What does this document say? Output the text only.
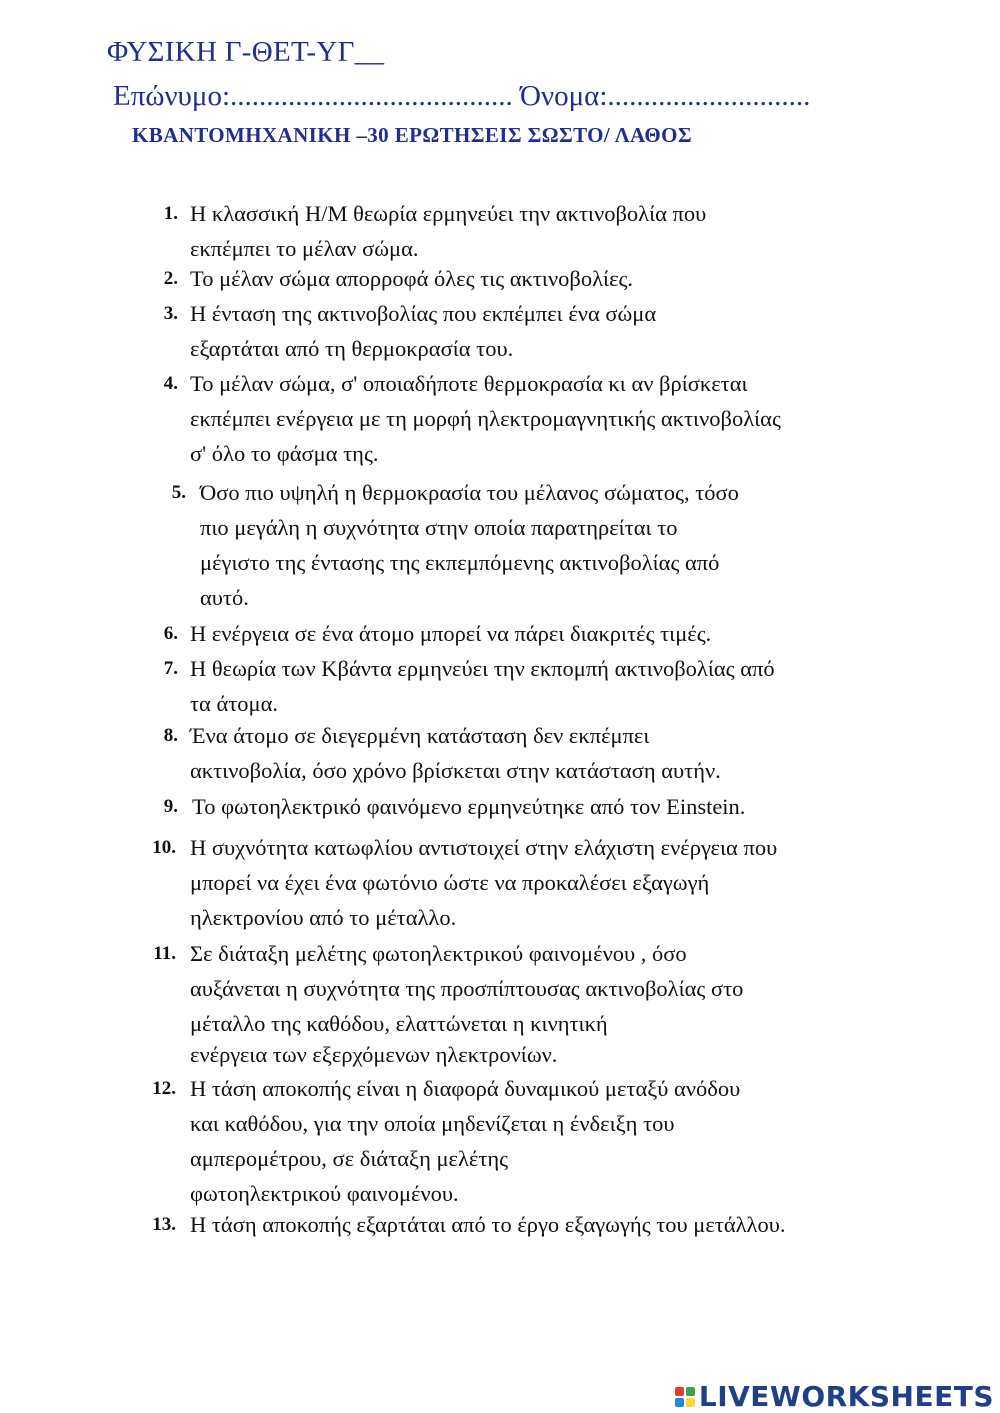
ΦΥΣΙΚΗ Γ-ΘΕΤ-ΥΓ__
Επώνυμο:....................................... Όνομα:............................
ΚΒΑΝΤΟΜΗΧΑΝΙΚΗ –30 ΕΡΩΤΗΣΕΙΣ ΣΩΣΤΟ/ ΛΑΘΟΣ
1. Η κλασσική Η/Μ θεωρία ερμηνεύει την ακτινοβολία που
εκπέμπει το μέλαν σώμα.
2. Το μέλαν σώμα απορροφά όλες τις ακτινοβολίες.
3. Η ένταση της ακτινοβολίας που εκπέμπει ένα σώμα
εξαρτάται από τη θερμοκρασία του.
4. Το μέλαν σώμα, σ' οποιαδήποτε θερμοκρασία κι αν βρίσκεται
εκπέμπει ενέργεια με τη μορφή ηλεκτρομαγνητικής ακτινοβολίας
σ' όλο το φάσμα της.
5. Όσο πιο υψηλή η θερμοκρασία του μέλανος σώματος, τόσο
πιο μεγάλη η συχνότητα στην οποία παρατηρείται το
μέγιστο της έντασης της εκπεμπόμενης ακτινοβολίας από
αυτό.
6. Η ενέργεια σε ένα άτομο μπορεί να πάρει διακριτές τιμές.
7. Η θεωρία των Κβάντα ερμηνεύει την εκπομπή ακτινοβολίας από
τα άτομα.
8. Ένα άτομο σε διεγερμένη κατάσταση δεν εκπέμπει
ακτινοβολία, όσο χρόνο βρίσκεται στην κατάσταση αυτήν.
9. Το φωτοηλεκτρικό φαινόμενο ερμηνεύτηκε από τον Einstein.
10. Η συχνότητα κατωφλίου αντιστοιχεί στην ελάχιστη ενέργεια που
μπορεί να έχει ένα φωτόνιο ώστε να προκαλέσει εξαγωγή
ηλεκτρονίου από το μέταλλο.
11. Σε διάταξη μελέτης φωτοηλεκτρικού φαινομένου , όσο
αυξάνεται η συχνότητα της προσπίπτουσας ακτινοβολίας στο
μέταλλο της καθόδου, ελαττώνεται η κινητική
ενέργεια των εξερχόμενων ηλεκτρονίων.
12. Η τάση αποκοπής είναι η διαφορά δυναμικού μεταξύ ανόδου
και καθόδου, για την οποία μηδενίζεται η ένδειξη του
αμπερομέτρου, σε διάταξη μελέτης
φωτοηλεκτρικού φαινομένου.
13. Η τάση αποκοπής εξαρτάται από το έργο εξαγωγής του μετάλλου.
LIVEWORKSHEETS
